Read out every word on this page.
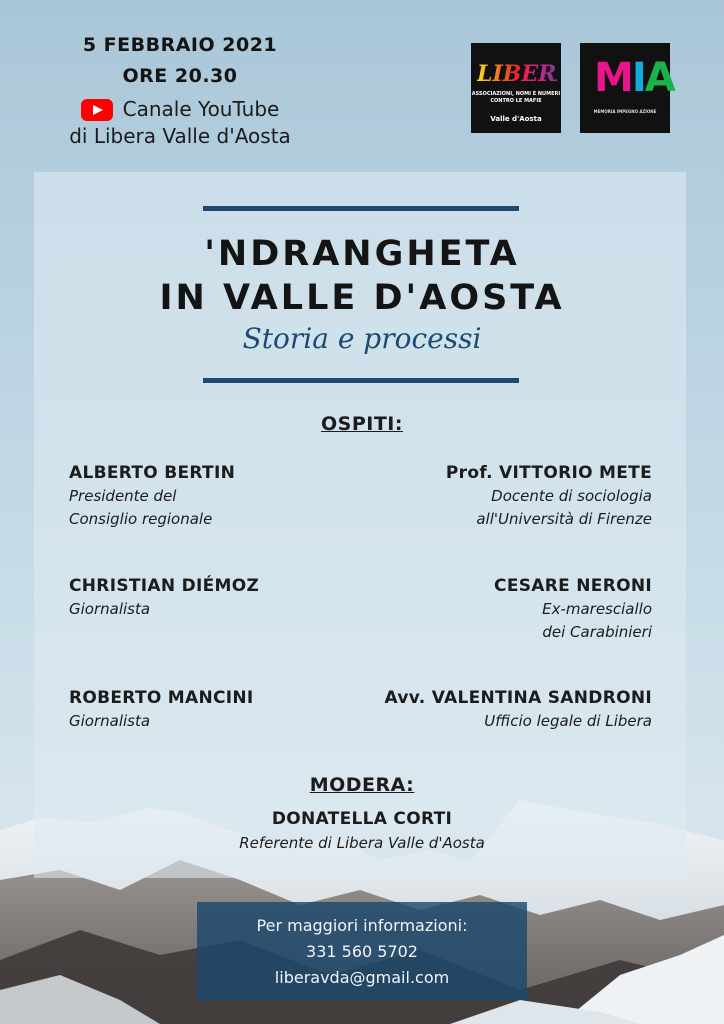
5 FEBBRAIO 2021
ORE 20.30
Canale YouTube
di Libera Valle d'Aosta
LIBERA
ASSOCIAZIONI, NOMI E NUMERI CONTRO LE MAFIE
Valle d'Aosta
MIA
MEMORIA IMPEGNO AZIONE
'NDRANGHETA
IN VALLE D'AOSTA
Storia e processi
OSPITI:
ALBERTO BERTIN
Presidente del
Consiglio regionale
Prof. VITTORIO METE
Docente di sociologia
all'Università di Firenze
CHRISTIAN DIÉMOZ
Giornalista
CESARE NERONI
Ex-maresciallo
dei Carabinieri
ROBERTO MANCINI
Giornalista
Avv. VALENTINA SANDRONI
Ufficio legale di Libera
MODERA:
DONATELLA CORTI
Referente di Libera Valle d'Aosta
Per maggiori informazioni:
331 560 5702
liberavda@gmail.com
